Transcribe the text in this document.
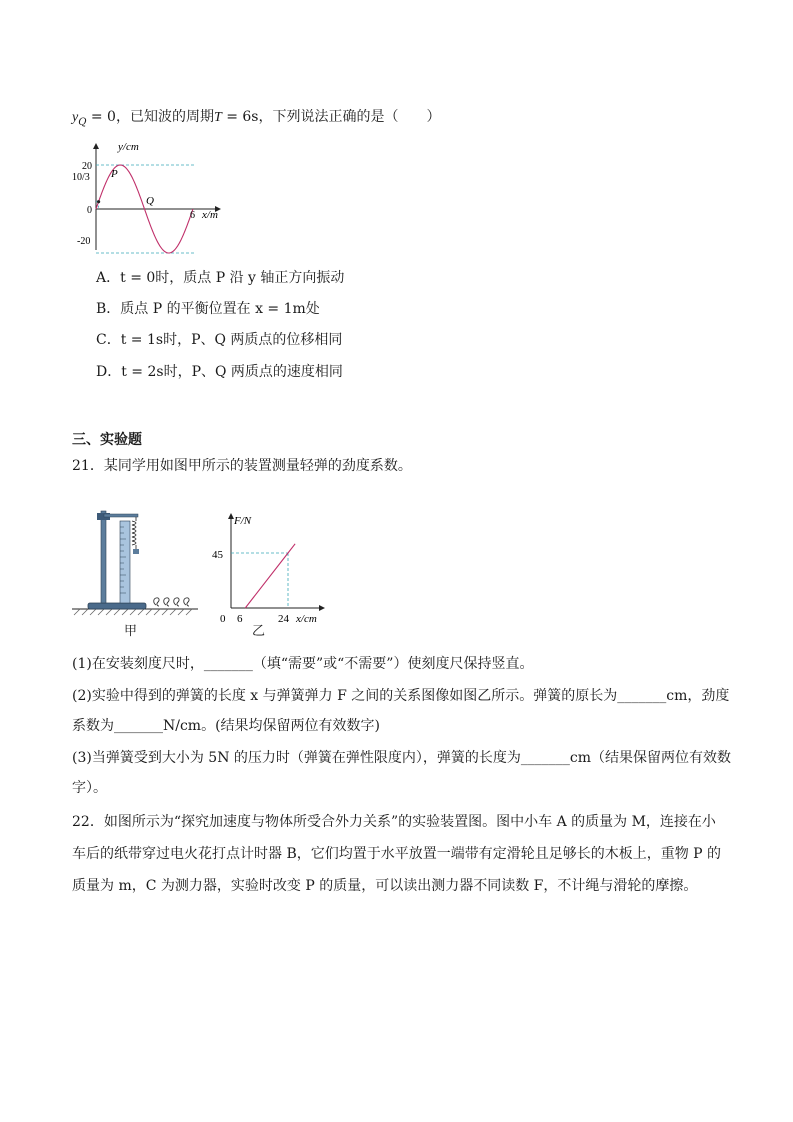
$y_Q = 0$，已知波的周期T = 6s，下列说法正确的是（　　）
y/cm
x/m
20
10/3
0
-20
6
P
Q
A．t = 0时，质点 P 沿 y 轴正方向振动
B．质点 P 的平衡位置在 x = 1m处
C．t = 1s时，P、Q 两质点的位移相同
D．t = 2s时，P、Q 两质点的速度相同
三、实验题
21．某同学用如图甲所示的装置测量轻弹的劲度系数。
甲
F/N
x/cm
45
0 6	24
乙
(1)在安装刻度尺时，_______（填“需要”或“不需要”）使刻度尺保持竖直。
(2)实验中得到的弹簧的长度 x 与弹簧弹力 F 之间的关系图像如图乙所示。弹簧的原长为_______cm，劲度
系数为_______N/cm。(结果均保留两位有效数字)
(3)当弹簧受到大小为 5N 的压力时（弹簧在弹性限度内），弹簧的长度为_______cm（结果保留两位有效数
字）。
22．如图所示为“探究加速度与物体所受合外力关系”的实验装置图。图中小车 A 的质量为 M，连接在小
车后的纸带穿过电火花打点计时器 B，它们均置于水平放置一端带有定滑轮且足够长的木板上，重物 P 的
质量为 m，C 为测力器，实验时改变 P 的质量，可以读出测力器不同读数 F，不计绳与滑轮的摩擦。
